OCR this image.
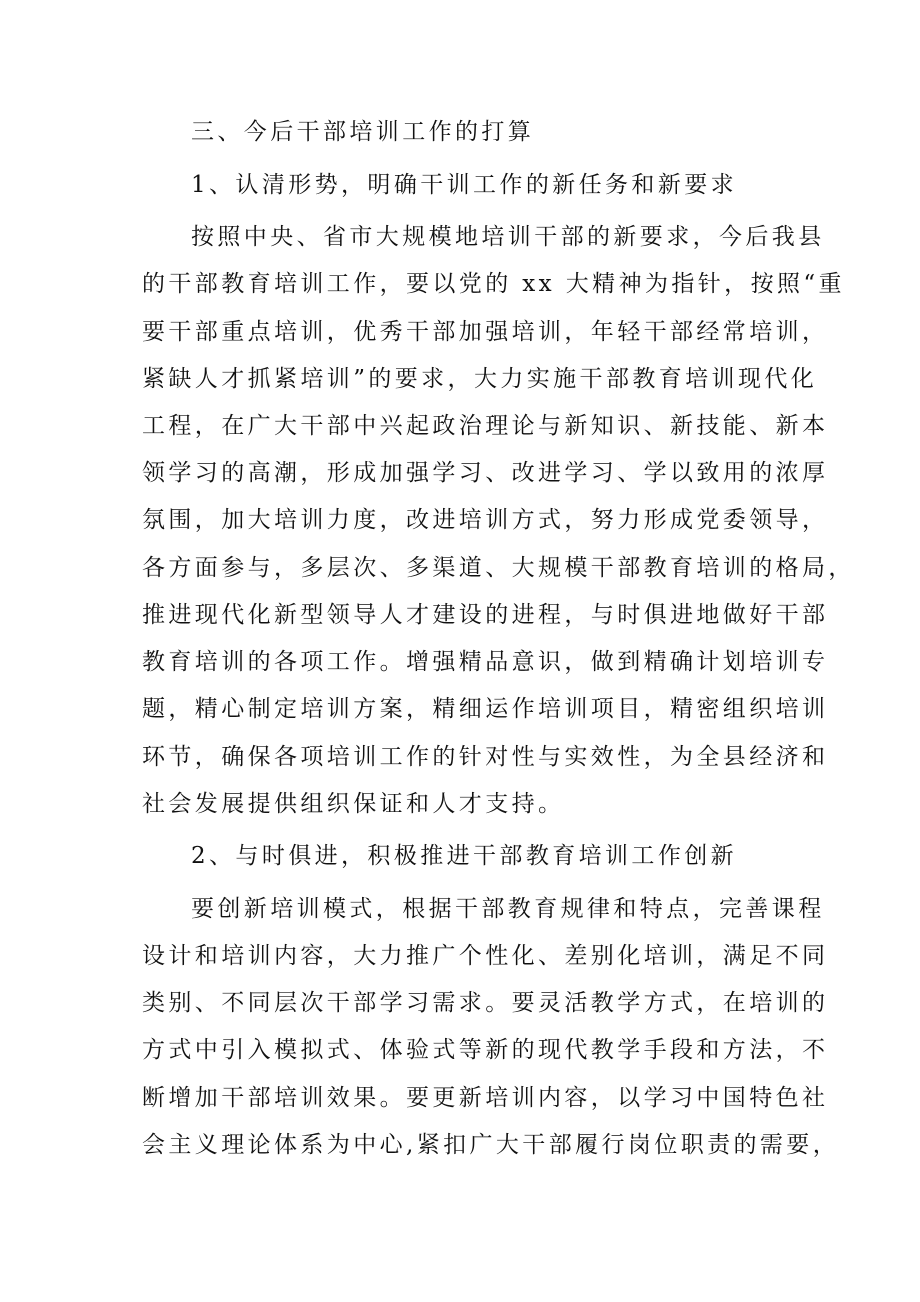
三、今后干部培训工作的打算
1、认清形势，明确干训工作的新任务和新要求
按照中央、省市大规模地培训干部的新要求，今后我县
的干部教育培训工作，要以党的 xx 大精神为指针，按照“重
要干部重点培训，优秀干部加强培训，年轻干部经常培训，
紧缺人才抓紧培训”的要求，大力实施干部教育培训现代化
工程，在广大干部中兴起政治理论与新知识、新技能、新本
领学习的高潮，形成加强学习、改进学习、学以致用的浓厚
氛围，加大培训力度，改进培训方式，努力形成党委领导，
各方面参与，多层次、多渠道、大规模干部教育培训的格局，
推进现代化新型领导人才建设的进程，与时俱进地做好干部
教育培训的各项工作。增强精品意识，做到精确计划培训专
题，精心制定培训方案，精细运作培训项目，精密组织培训
环节，确保各项培训工作的针对性与实效性，为全县经济和
社会发展提供组织保证和人才支持。
2、与时俱进，积极推进干部教育培训工作创新
要创新培训模式，根据干部教育规律和特点，完善课程
设计和培训内容，大力推广个性化、差别化培训，满足不同
类别、不同层次干部学习需求。要灵活教学方式，在培训的
方式中引入模拟式、体验式等新的现代教学手段和方法，不
断增加干部培训效果。要更新培训内容，以学习中国特色社
会主义理论体系为中心,紧扣广大干部履行岗位职责的需要，
